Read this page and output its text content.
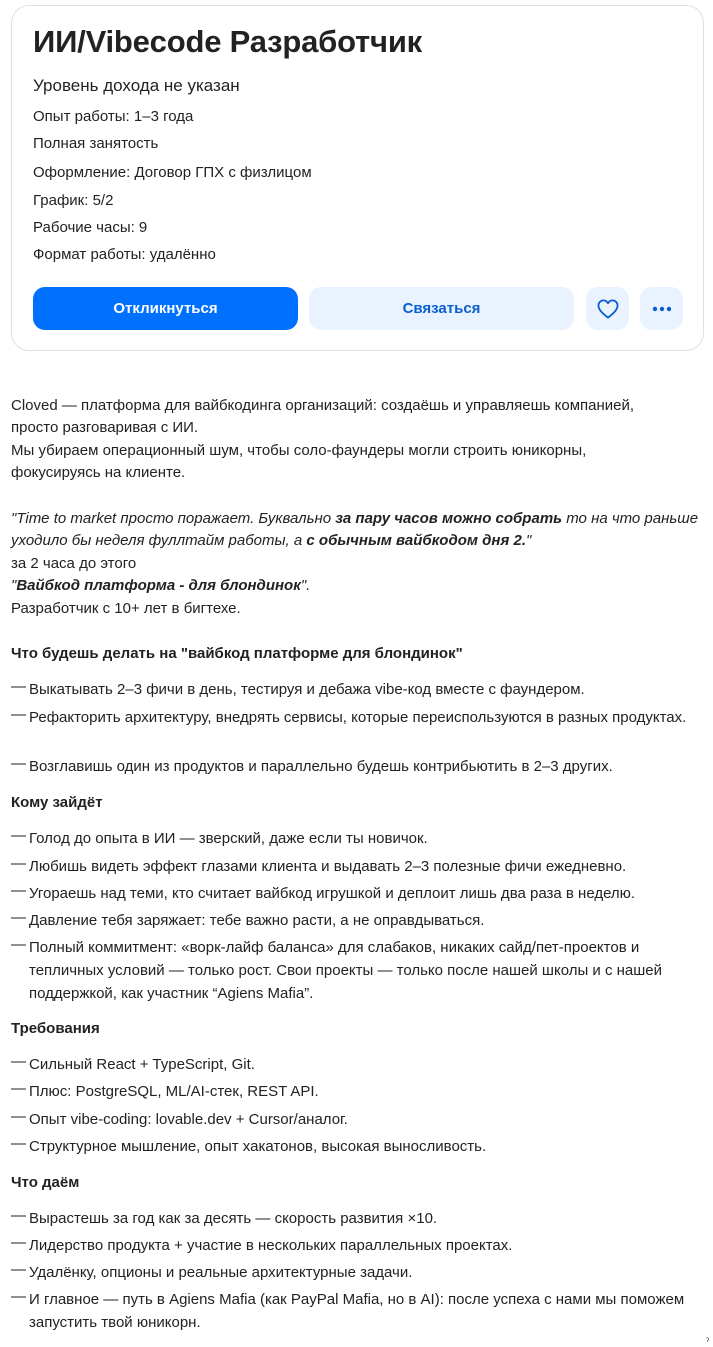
ИИ/Vibecode Разработчик
Уровень дохода не указан
Опыт работы: 1–3 года
Полная занятость
Оформление: Договор ГПХ с физлицом
График: 5/2
Рабочие часы: 9
Формат работы: удалённо
Откликнуться	Связаться
Cloved — платформа для вайбкодинга организаций: создаёшь и управляешь компанией,
просто разговаривая с ИИ.
Мы убираем операционный шум, чтобы соло-фаундеры могли строить юникорны,
фокусируясь на клиенте.
"Time to market просто поражает. Буквально за пару часов можно собрать то на что раньше
уходило бы неделя фуллтайм работы, а с обычным вайбкодом дня 2."
за 2 часа до этого
"Вайбкод платформа - для блондинок".
Разработчик с 10+ лет в бигтехе.
Что будешь делать на "вайбкод платформе для блондинок"
— Выкатывать 2–3 фичи в день, тестируя и дебажа vibe-код вместе с фаундером.
— Рефакторить архитектуру, внедрять сервисы, которые переиспользуются в разных продуктах.
— Возглавишь один из продуктов и параллельно будешь контрибьютить в 2–3 других.
Кому зайдёт
— Голод до опыта в ИИ — зверский, даже если ты новичок.
— Любишь видеть эффект глазами клиента и выдавать 2–3 полезные фичи ежедневно.
— Угораешь над теми, кто считает вайбкод игрушкой и деплоит лишь два раза в неделю.
— Давление тебя заряжает: тебе важно расти, а не оправдываться.
— Полный коммитмент: «ворк-лайф баланса» для слабаков, никаких сайд/пет-проектов и тепличных условий — только рост. Свои проекты — только после нашей школы и с нашей поддержкой, как участник “Agiens Mafia”.
Требования
— Сильный React + TypeScript, Git.
— Плюс: PostgreSQL, ML/AI-стек, REST API.
— Опыт vibe-coding: lovable.dev + Cursor/аналог.
— Структурное мышление, опыт хакатонов, высокая выносливость.
Что даём
— Вырастешь за год как за десять — скорость развития ×10.
— Лидерство продукта + участие в нескольких параллельных проектах.
— Удалёнку, опционы и реальные архитектурные задачи.
— И главное — путь в Agiens Mafia (как PayPal Mafia, но в AI): после успеха с нами мы поможем запустить твой юникорн.
ˀ
